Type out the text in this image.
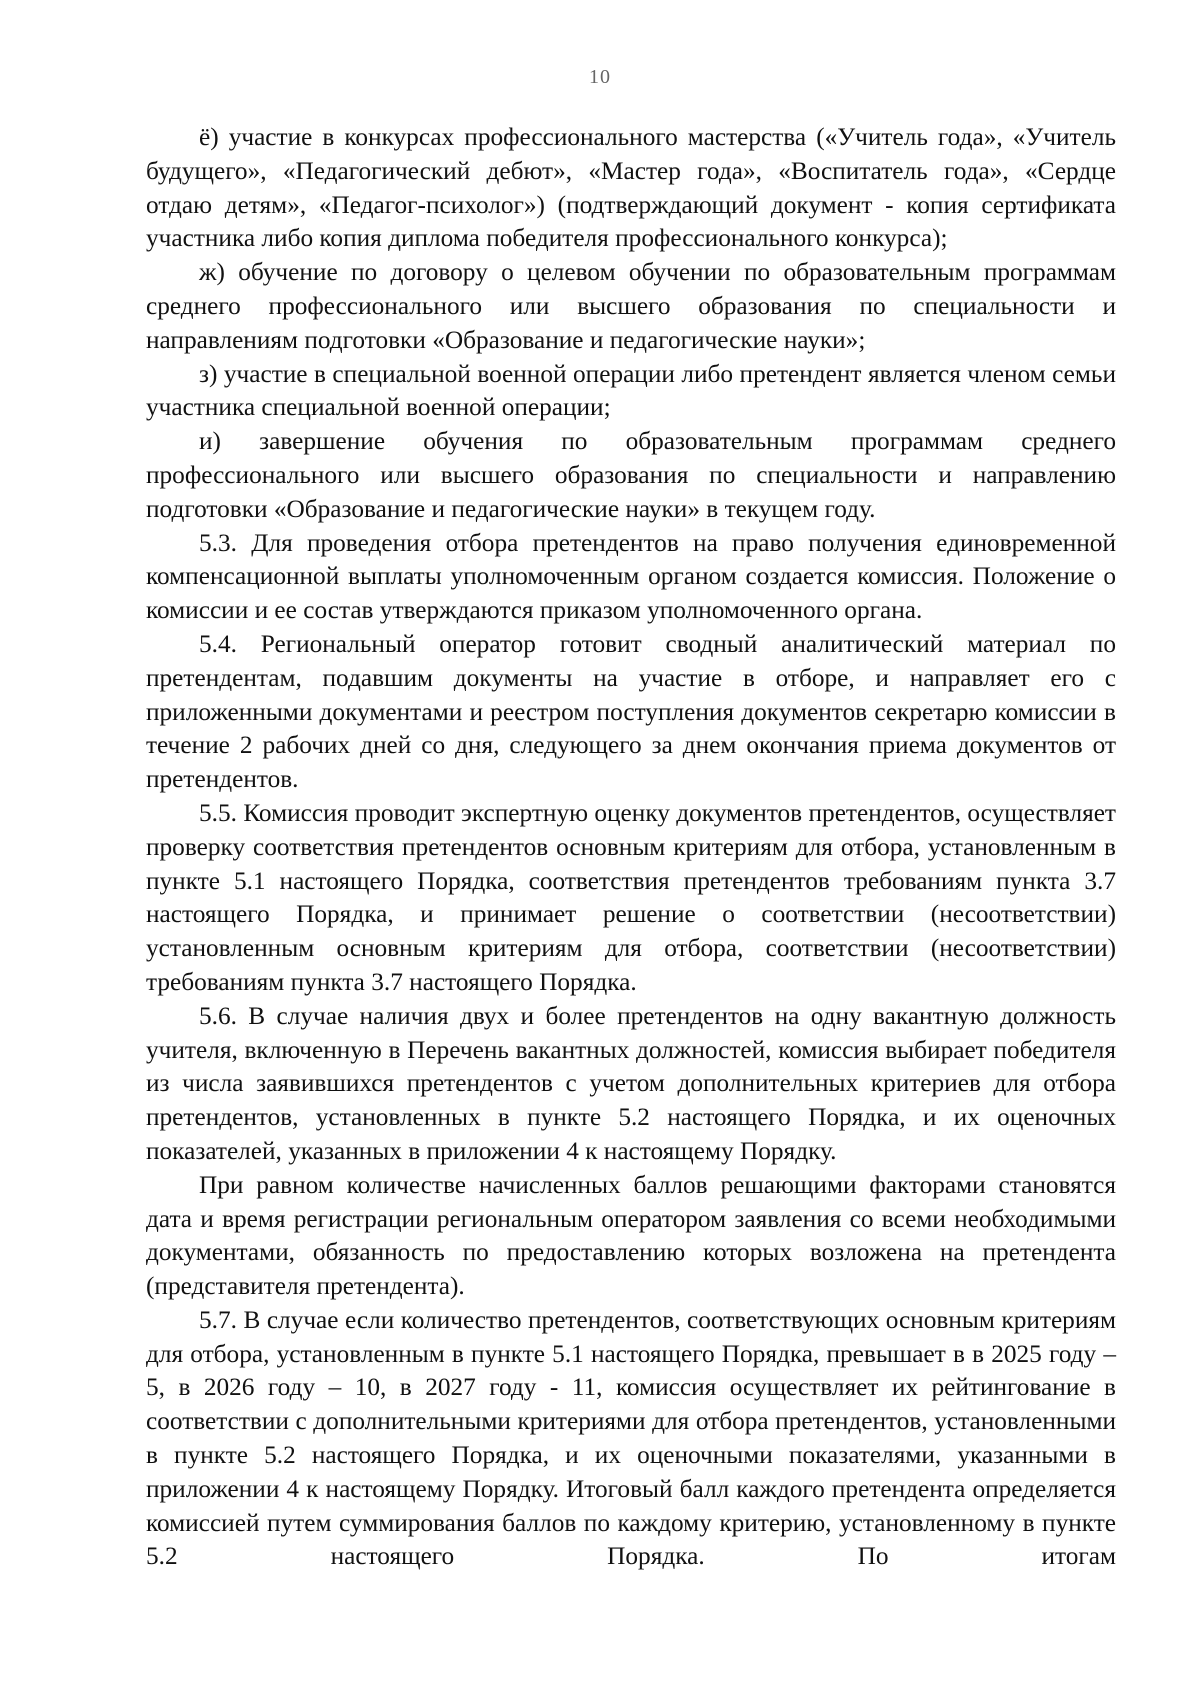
10

ё) участие в конкурсах профессионального мастерства («Учитель года», «Учитель будущего», «Педагогический дебют», «Мастер года», «Воспитатель года», «Сердце отдаю детям», «Педагог-психолог») (подтверждающий документ - копия сертификата участника либо копия диплома победителя профессионального конкурса);

ж) обучение по договору о целевом обучении по образовательным программам среднего профессионального или высшего образования по специальности и направлениям подготовки «Образование и педагогические науки»;

з) участие в специальной военной операции либо претендент является членом семьи участника специальной военной операции;

и) завершение обучения по образовательным программам среднего профессионального или высшего образования по специальности и направлению подготовки «Образование и педагогические науки» в текущем году.

5.3. Для проведения отбора претендентов на право получения единовременной компенсационной выплаты уполномоченным органом создается комиссия. Положение о комиссии и ее состав утверждаются приказом уполномоченного органа.

5.4. Региональный оператор готовит сводный аналитический материал по претендентам, подавшим документы на участие в отборе, и направляет его с приложенными документами и реестром поступления документов секретарю комиссии в течение 2 рабочих дней со дня, следующего за днем окончания приема документов от претендентов.

5.5. Комиссия проводит экспертную оценку документов претендентов, осуществляет проверку соответствия претендентов основным критериям для отбора, установленным в пункте 5.1 настоящего Порядка, соответствия претендентов требованиям пункта 3.7 настоящего Порядка, и принимает решение о соответствии (несоответствии) установленным основным критериям для отбора, соответствии (несоответствии) требованиям пункта 3.7 настоящего Порядка.

5.6. В случае наличия двух и более претендентов на одну вакантную должность учителя, включенную в Перечень вакантных должностей, комиссия выбирает победителя из числа заявившихся претендентов с учетом дополнительных критериев для отбора претендентов, установленных в пункте 5.2 настоящего Порядка, и их оценочных показателей, указанных в приложении 4 к настоящему Порядку.

При равном количестве начисленных баллов решающими факторами становятся дата и время регистрации региональным оператором заявления со всеми необходимыми документами, обязанность по предоставлению которых возложена на претендента (представителя претендента).

5.7. В случае если количество претендентов, соответствующих основным критериям для отбора, установленным в пункте 5.1 настоящего Порядка, превышает в в 2025 году – 5, в 2026 году – 10, в 2027 году - 11, комиссия осуществляет их рейтингование в соответствии с дополнительными критериями для отбора претендентов, установленными в пункте 5.2 настоящего Порядка, и их оценочными показателями, указанными в приложении 4 к настоящему Порядку. Итоговый балл каждого претендента определяется комиссией путем суммирования баллов по каждому критерию, установленному в пункте 5.2 настоящего Порядка. По итогам
